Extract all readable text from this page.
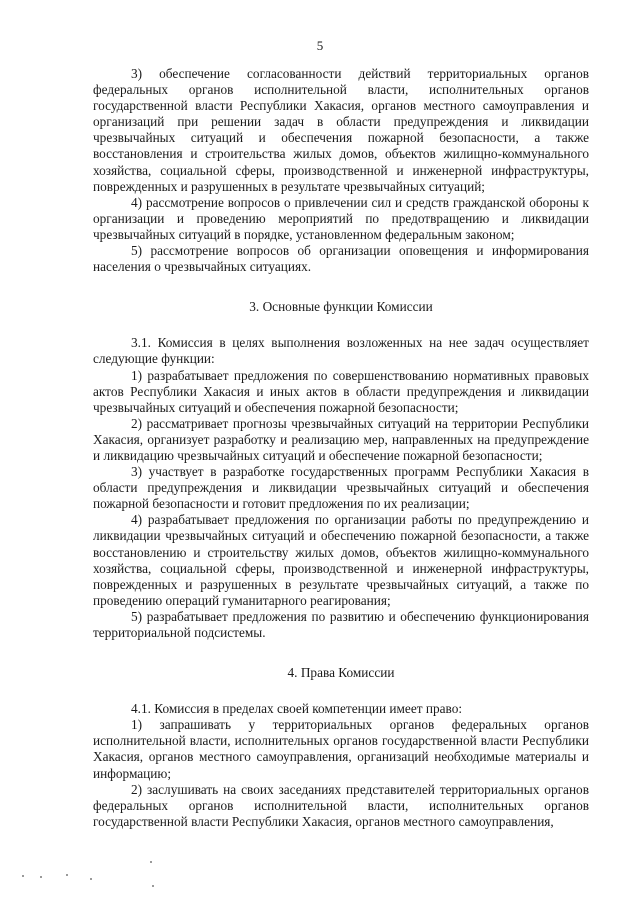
5

3) обеспечение согласованности действий территориальных органов федеральных органов исполнительной власти, исполнительных органов государственной власти Республики Хакасия, органов местного самоуправления и организаций при решении задач в области предупреждения и ликвидации чрезвычайных ситуаций и обеспечения пожарной безопасности, а также восстановления и строительства жилых домов, объектов жилищно-коммунального хозяйства, социальной сферы, производственной и инженерной инфраструктуры, поврежденных и разрушенных в результате чрезвычайных ситуаций;

4) рассмотрение вопросов о привлечении сил и средств гражданской обороны к организации и проведению мероприятий по предотвращению и ликвидации чрезвычайных ситуаций в порядке, установленном федеральным законом;

5) рассмотрение вопросов об организации оповещения и информирования населения о чрезвычайных ситуациях.

3. Основные функции Комиссии

3.1. Комиссия в целях выполнения возложенных на нее задач осуществляет следующие функции:

1) разрабатывает предложения по совершенствованию нормативных правовых актов Республики Хакасия и иных актов в области предупреждения и ликвидации чрезвычайных ситуаций и обеспечения пожарной безопасности;

2) рассматривает прогнозы чрезвычайных ситуаций на территории Республики Хакасия, организует разработку и реализацию мер, направленных на предупреждение и ликвидацию чрезвычайных ситуаций и обеспечение пожарной безопасности;

3) участвует в разработке государственных программ Республики Хакасия в области предупреждения и ликвидации чрезвычайных ситуаций и обеспечения пожарной безопасности и готовит предложения по их реализации;

4) разрабатывает предложения по организации работы по предупреждению и ликвидации чрезвычайных ситуаций и обеспечению пожарной безопасности, а также восстановлению и строительству жилых домов, объектов жилищно-коммунального хозяйства, социальной сферы, производственной и инженерной инфраструктуры, поврежденных и разрушенных в результате чрезвычайных ситуаций, а также по проведению операций гуманитарного реагирования;

5) разрабатывает предложения по развитию и обеспечению функционирования территориальной подсистемы.

4. Права Комиссии

4.1. Комиссия в пределах своей компетенции имеет право:

1) запрашивать у территориальных органов федеральных органов исполнительной власти, исполнительных органов государственной власти Республики Хакасия, органов местного самоуправления, организаций необходимые материалы и информацию;

2) заслушивать на своих заседаниях представителей территориальных органов федеральных органов исполнительной власти, исполнительных органов государственной власти Республики Хакасия, органов местного самоуправления,
